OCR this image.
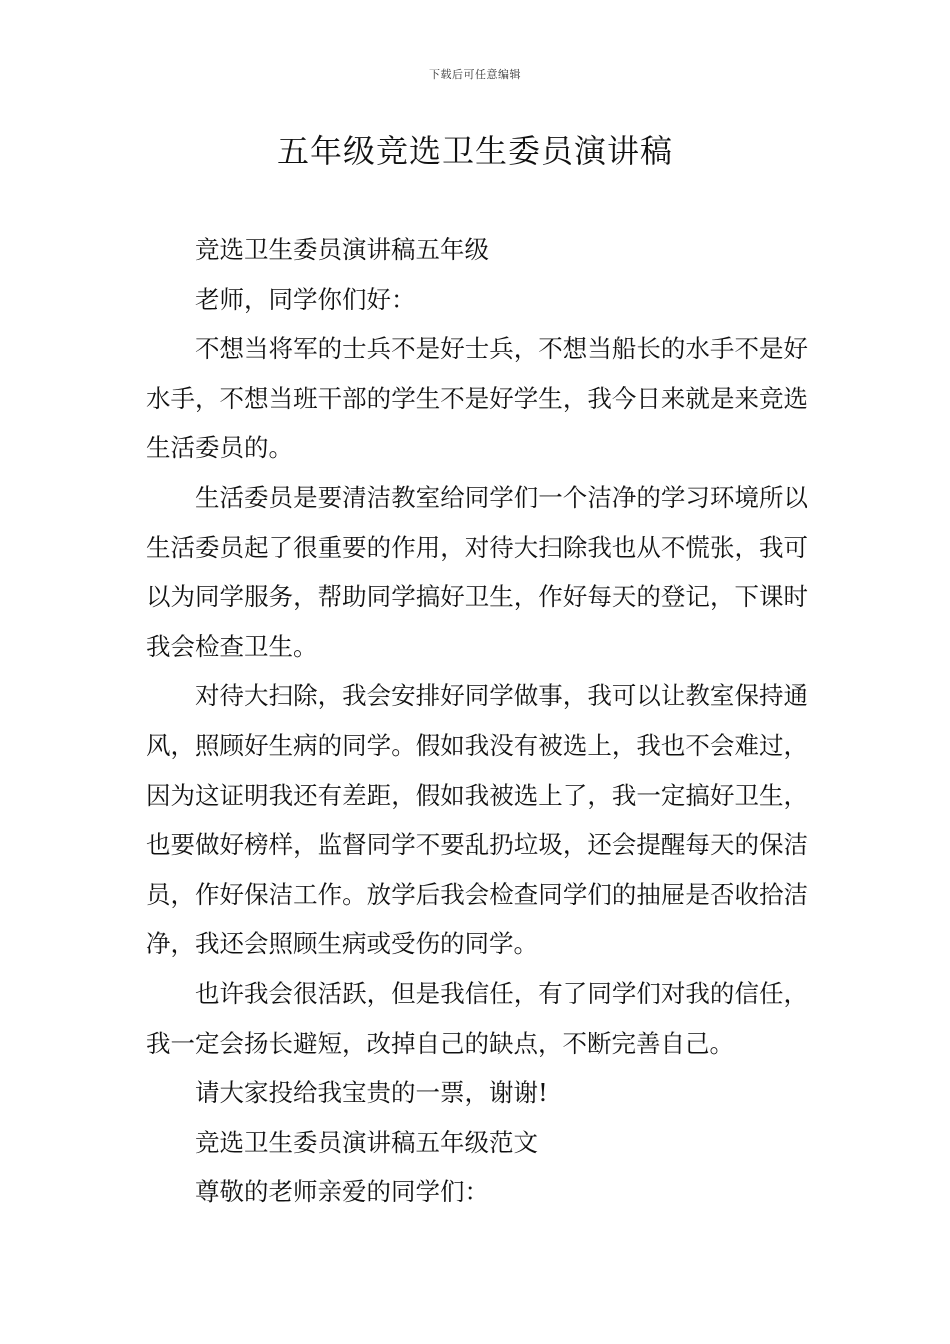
下载后可任意编辑
五年级竞选卫生委员演讲稿

竞选卫生委员演讲稿五年级

老师，同学你们好：

不想当将军的士兵不是好士兵，不想当船长的水手不是好水手，不想当班干部的学生不是好学生，我今日来就是来竞选生活委员的。

生活委员是要清洁教室给同学们一个洁净的学习环境所以生活委员起了很重要的作用，对待大扫除我也从不慌张，我可以为同学服务，帮助同学搞好卫生，作好每天的登记，下课时我会检查卫生。

对待大扫除，我会安排好同学做事，我可以让教室保持通风，照顾好生病的同学。假如我没有被选上，我也不会难过，因为这证明我还有差距，假如我被选上了，我一定搞好卫生，也要做好榜样，监督同学不要乱扔垃圾，还会提醒每天的保洁员，作好保洁工作。放学后我会检查同学们的抽屉是否收拾洁净，我还会照顾生病或受伤的同学。

也许我会很活跃，但是我信任，有了同学们对我的信任，我一定会扬长避短，改掉自己的缺点，不断完善自己。

请大家投给我宝贵的一票，谢谢!

竞选卫生委员演讲稿五年级范文

尊敬的老师亲爱的同学们：
